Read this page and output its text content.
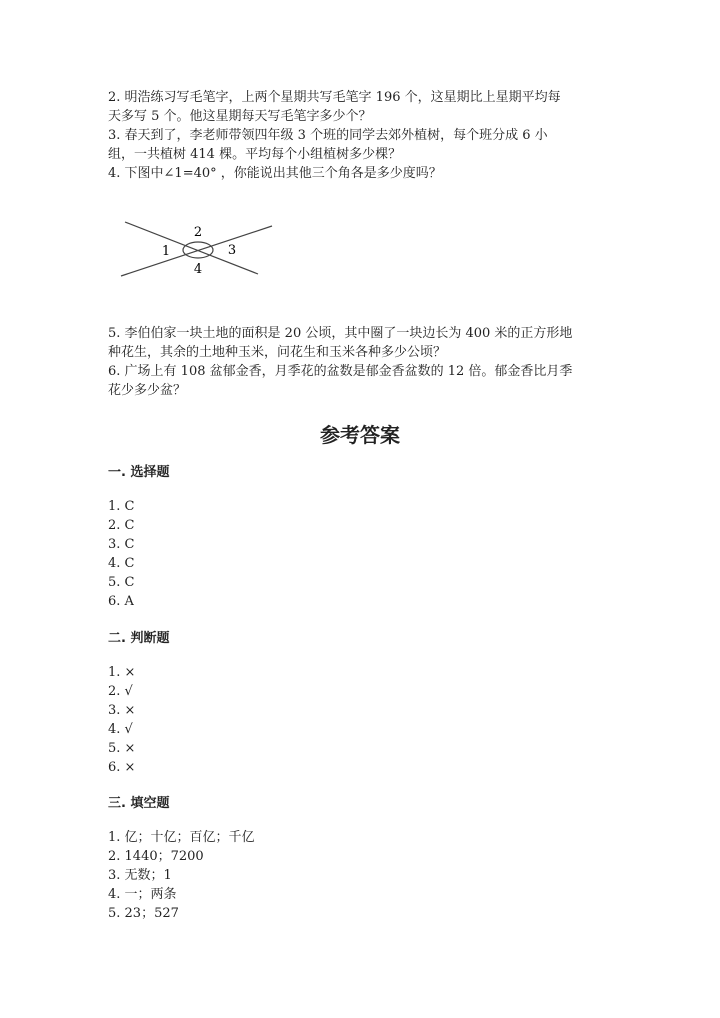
2. 明浩练习写毛笔字，上两个星期共写毛笔字 196 个，这星期比上星期平均每
天多写 5 个。他这星期每天写毛笔字多少个？
3. 春天到了，李老师带领四年级 3 个班的同学去郊外植树，每个班分成 6 小
组，一共植树 414 棵。平均每个小组植树多少棵？
4. 下图中∠1=40° ，你能说出其他三个角各是多少度吗？
2
1	3
4
5. 李伯伯家一块土地的面积是 20 公顷，其中圈了一块边长为 400 米的正方形地
种花生，其余的土地种玉米，问花生和玉米各种多少公顷？
6. 广场上有 108 盆郁金香，月季花的盆数是郁金香盆数的 12 倍。郁金香比月季
花少多少盆？
参考答案
一. 选择题
1. C
2. C
3. C
4. C
5. C
6. A
二. 判断题
1. ×
2. √
3. ×
4. √
5. ×
6. ×
三. 填空题
1. 亿；十亿；百亿；千亿
2. 1440；7200
3. 无数；1
4. 一；两条
5. 23；527
